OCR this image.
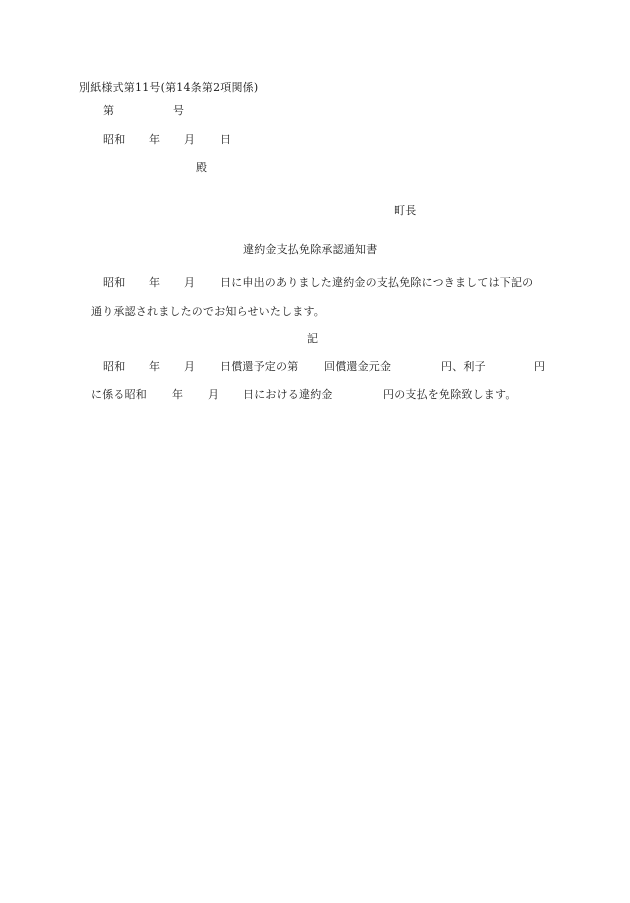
別紙様式第11号(第14条第2項関係)
第	号
昭和 年 月 日
殿
町長
違約金支払免除承認通知書
昭和 年 月 日に申出のありました違約金の支払免除につきましては下記の
通り承認されましたのでお知らせいたします。
記
昭和 年 月 日償還予定の第 回償還金元金	円、利子	円
に係る昭和 年 月 日における違約金	円の支払を免除致します。
